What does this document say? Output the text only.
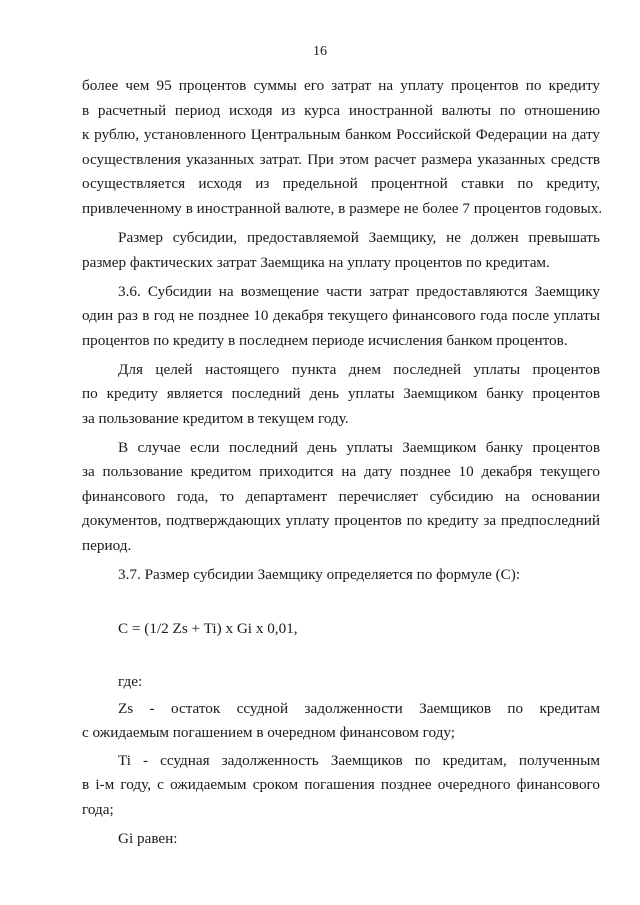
16
более чем 95 процентов суммы его затрат на уплату процентов по кредиту
в расчетный период исходя из курса иностранной валюты по отношению
к рублю, установленного Центральным банком Российской Федерации на дату
осуществления указанных затрат. При этом расчет размера указанных средств
осуществляется исходя из предельной процентной ставки по кредиту,
привлеченному в иностранной валюте, в размере не более 7 процентов годовых.
Размер субсидии, предоставляемой Заемщику, не должен превышать
размер фактических затрат Заемщика на уплату процентов по кредитам.
3.6. Субсидии на возмещение части затрат предоставляются Заемщику
один раз в год не позднее 10 декабря текущего финансового года после уплаты
процентов по кредиту в последнем периоде исчисления банком процентов.
Для целей настоящего пункта днем последней уплаты процентов
по кредиту является последний день уплаты Заемщиком банку процентов
за пользование кредитом в текущем году.
В случае если последний день уплаты Заемщиком банку процентов
за пользование кредитом приходится на дату позднее 10 декабря текущего
финансового года, то департамент перечисляет субсидию на основании
документов, подтверждающих уплату процентов по кредиту за предпоследний
период.
3.7. Размер субсидии Заемщику определяется по формуле (С):
С = (1/2 Zs + Ti) x Gi x 0,01,
где:
Zs - остаток ссудной задолженности Заемщиков по кредитам
с ожидаемым погашением в очередном финансовом году;
Ti - ссудная задолженность Заемщиков по кредитам, полученным
в i-м году, с ожидаемым сроком погашения позднее очередного финансового
года;
Gi равен:
